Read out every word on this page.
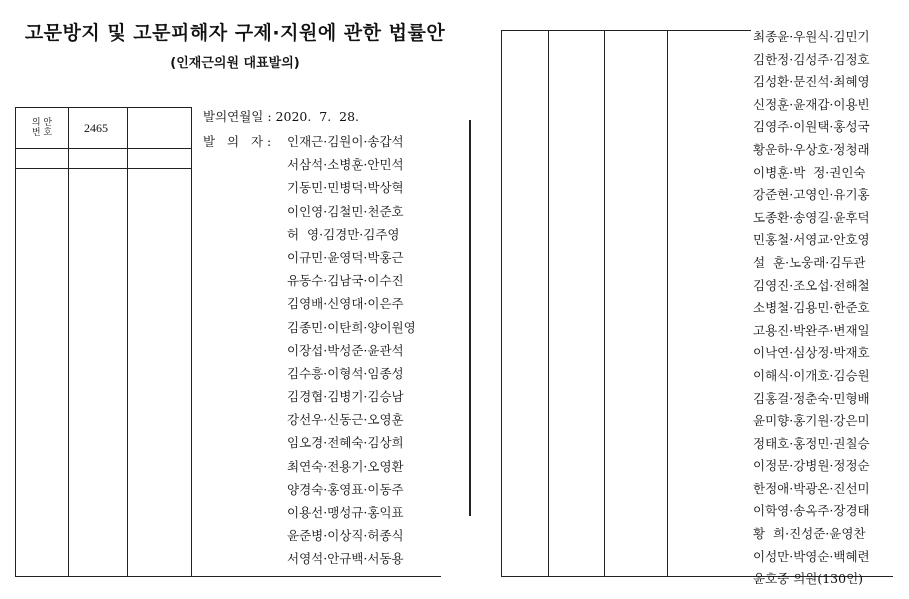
고문방지 및 고문피해자 구제·지원에 관한 법률안
(인재근의원 대표발의)
의 안
번 호	2465
발의연월일 : 2020.  7.  28.
발   의   자 : 인재근·김원이·송갑석
서삼석·소병훈·안민석
기동민·민병덕·박상혁
이인영·김철민·천준호
허  영·김경만·김주영
이규민·윤영덕·박홍근
유동수·김남국·이수진
김영배·신영대·이은주
김종민·이탄희·양이원영
이장섭·박성준·윤관석
김수흥·이형석·임종성
김경협·김병기·김승남
강선우·신동근·오영훈
임오경·전혜숙·김상희
최연숙·전용기·오영환
양경숙·홍영표·이동주
이용선·맹성규·홍익표
윤준병·이상직·허종식
서영석·안규백·서동용
최종윤·우원식·김민기
김한정·김성주·김정호
김성환·문진석·최혜영
신정훈·윤재갑·이용빈
김영주·이원택·홍성국
황운하·우상호·정청래
이병훈·박  정·권인숙
강준현·고영인·유기홍
도종환·송영길·윤후덕
민홍철·서영교·안호영
설  훈·노웅래·김두관
김영진·조오섭·전해철
소병철·김용민·한준호
고용진·박완주·변재일
이낙연·심상정·박재호
이해식·이개호·김승원
김홍걸·정춘숙·민형배
윤미향·홍기원·강은미
정태호·홍정민·권칠승
이정문·강병원·정정순
한정애·박광온·진선미
이학영·송옥주·장경태
황  희·진성준·윤영찬
이성만·박영순·백혜련
윤호중 의원(130인)
